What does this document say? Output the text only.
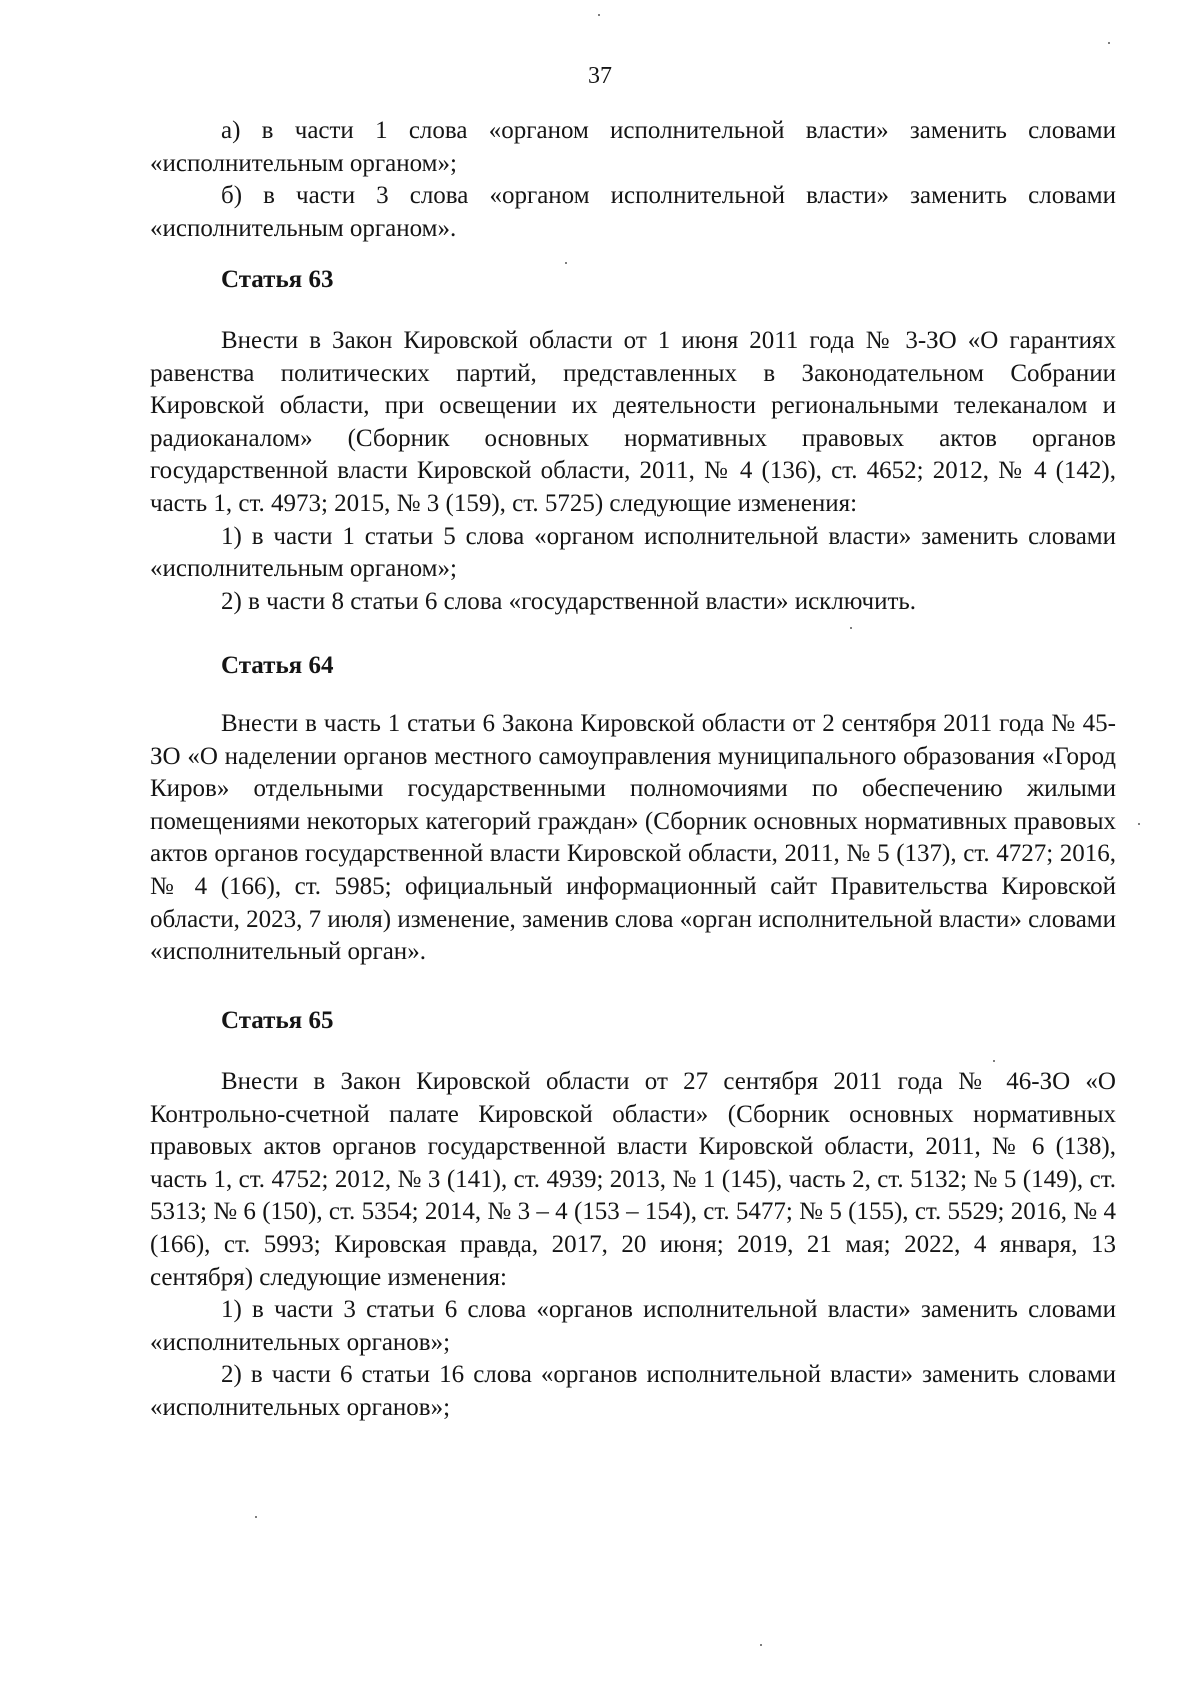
37

а) в части 1 слова «органом исполнительной власти» заменить словами «исполнительным органом»;

б) в части 3 слова «органом исполнительной власти» заменить словами «исполнительным органом».

Статья 63

Внести в Закон Кировской области от 1 июня 2011 года № 3-ЗО «О гарантиях равенства политических партий, представленных в Законодательном Собрании Кировской области, при освещении их деятельности региональными телеканалом и радиоканалом» (Сборник основных нормативных правовых актов органов государственной власти Кировской области, 2011, № 4 (136), ст. 4652; 2012, № 4 (142), часть 1, ст. 4973; 2015, № 3 (159), ст. 5725) следующие изменения:

1) в части 1 статьи 5 слова «органом исполнительной власти» заменить словами «исполнительным органом»;

2) в части 8 статьи 6 слова «государственной власти» исключить.

Статья 64

Внести в часть 1 статьи 6 Закона Кировской области от 2 сентября 2011 года № 45-ЗО «О наделении органов местного самоуправления муниципального образования «Город Киров» отдельными государственными полномочиями по обеспечению жилыми помещениями некоторых категорий граждан» (Сборник основных нормативных правовых актов органов государственной власти Кировской области, 2011, № 5 (137), ст. 4727; 2016, № 4 (166), ст. 5985; официальный информационный сайт Правительства Кировской области, 2023, 7 июля) изменение, заменив слова «орган исполнительной власти» словами «исполнительный орган».

Статья 65

Внести в Закон Кировской области от 27 сентября 2011 года № 46-ЗО «О Контрольно-счетной палате Кировской области» (Сборник основных нормативных правовых актов органов государственной власти Кировской области, 2011, № 6 (138), часть 1, ст. 4752; 2012, № 3 (141), ст. 4939; 2013, № 1 (145), часть 2, ст. 5132; № 5 (149), ст. 5313; № 6 (150), ст. 5354; 2014, № 3 – 4 (153 – 154), ст. 5477; № 5 (155), ст. 5529; 2016, № 4 (166), ст. 5993; Кировская правда, 2017, 20 июня; 2019, 21 мая; 2022, 4 января, 13 сентября) следующие изменения:

1) в части 3 статьи 6 слова «органов исполнительной власти» заменить словами «исполнительных органов»;

2) в части 6 статьи 16 слова «органов исполнительной власти» заменить словами «исполнительных органов»;
